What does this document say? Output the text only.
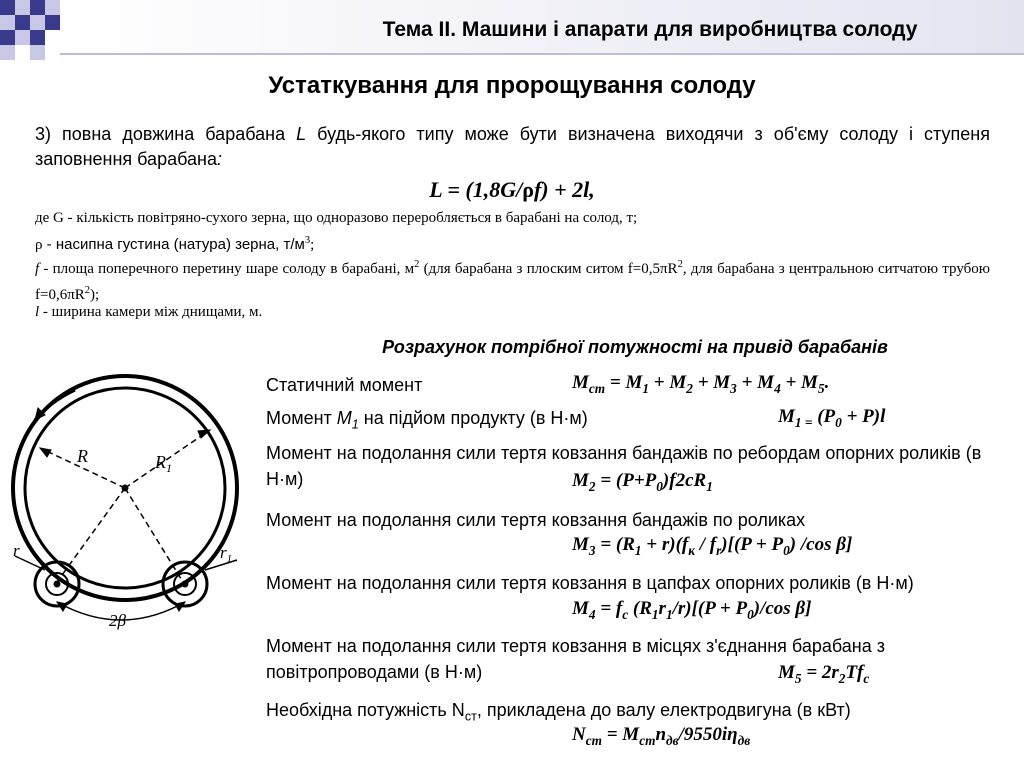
Тема ІІ. Машини і апарати для виробництва солоду
Устаткування для пророщування солоду
3) повна довжина барабана L будь-якого типу може бути визначена виходячи з об'єму солоду і ступеня заповнення барабана:
L = (1,8G/ρf) + 2l,
де G - кількість повітряно-сухого зерна, що одноразово переробляється в барабані на солод, т;
ρ - насипна густина (натура) зерна, $т/м^3$;
f - площа поперечного перетину шаре солоду в барабані, $м^2$ (для барабана з плоским ситом $f=0,5\pi R^2$, для барабана з центральною ситчатою трубою $f=0,6\pi R^2$);
l - ширина камери між днищами, м.
Розрахунок потрібної потужності на привід барабанів
R	$R_1$
r	$r_1$
2β
Статичний момент	$M_{ст} = M_1 + M_2 + M_3 + M_4 + M_5$.
Момент $М_1$ на підйом продукту (в Н·м)	$M_{1 =}$ $(P_0 + P)l$
Момент на подолання сили тертя ковзання бандажів по ребордам опорних роликів (в Н·м)	$M_2 = (P+P_0)f2cR_1$
Момент на подолання сили тертя ковзання бандажів по роликах
$M_3 = (R_1 + r)(f_к / f_r)[(P + P_0)$ /cos β]
Момент на подолання сили тертя ковзання в цапфах опорних роликів (в Н·м)
$M_4 = f_c$ $(R_1r_1/r)[(P + P_0)/\cos$ β]
Момент на подолання сили тертя ковзання в місцях з'єднання барабана з повітропроводами (в Н·м)	$M_5 = 2r_2Tf_c$
Необхідна потужність $N_{ст}$, прикладена до валу електродвигуна (в кВт)
$N_{ст} = M_{ст}n_{дв}/9550i\eta_{дв}$
